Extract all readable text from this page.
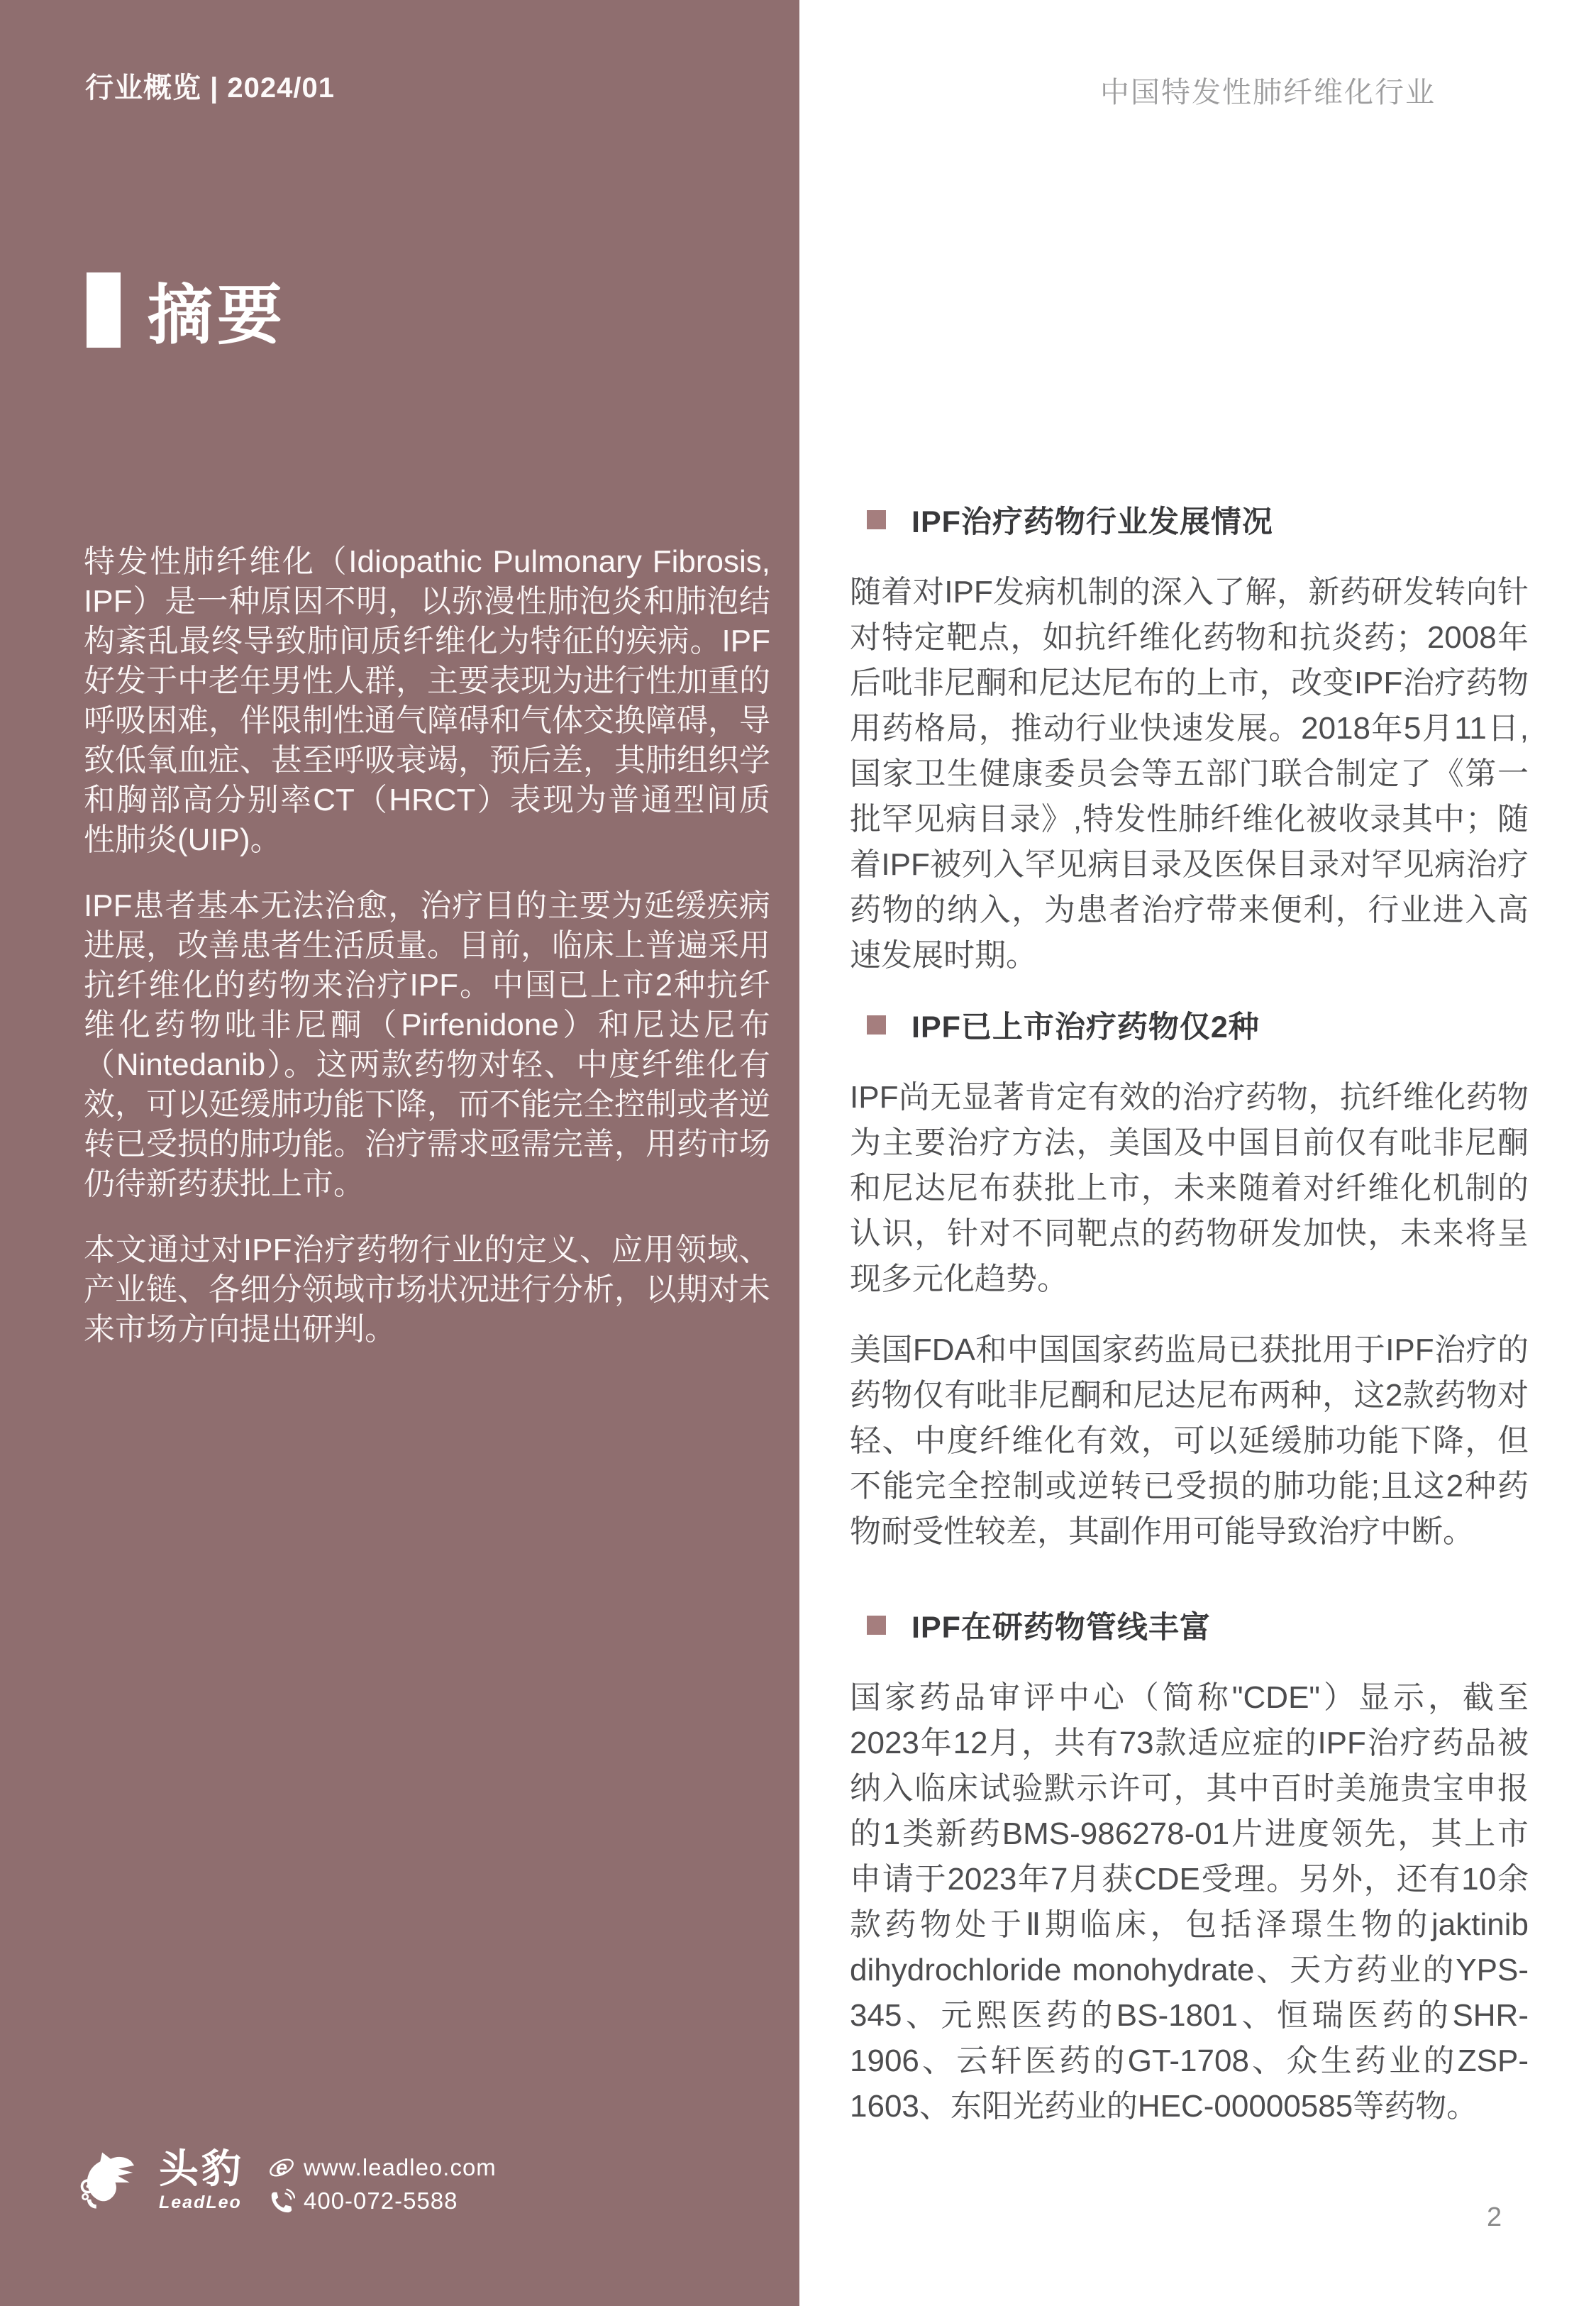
行业概览 | 2024/01
摘要

特发性肺纤维化（Idiopathic Pulmonary Fibrosis, IPF）是一种原因不明，以弥漫性肺泡炎和肺泡结构紊乱最终导致肺间质纤维化为特征的疾病。IPF好发于中老年男性人群，主要表现为进行性加重的呼吸困难，伴限制性通气障碍和气体交换障碍，导致低氧血症、甚至呼吸衰竭，预后差，其肺组织学和胸部高分别率CT（HRCT）表现为普通型间质性肺炎(UIP)。

IPF患者基本无法治愈，治疗目的主要为延缓疾病进展，改善患者生活质量。目前，临床上普遍采用抗纤维化的药物来治疗IPF。中国已上市2种抗纤维化药物吡非尼酮（Pirfenidone）和尼达尼布（Nintedanib）。这两款药物对轻、中度纤维化有效，可以延缓肺功能下降，而不能完全控制或者逆转已受损的肺功能。治疗需求亟需完善，用药市场仍待新药获批上市。

本文通过对IPF治疗药物行业的定义、应用领域、产业链、各细分领域市场状况进行分析，以期对未来市场方向提出研判。

头豹
LeadLeo
e www.leadleo.com
400-072-5588
中国特发性肺纤维化行业
IPF治疗药物行业发展情况

随着对IPF发病机制的深入了解，新药研发转向针对特定靶点，如抗纤维化药物和抗炎药；2008年后吡非尼酮和尼达尼布的上市，改变IPF治疗药物用药格局，推动行业快速发展。2018年5月11日,国家卫生健康委员会等五部门联合制定了《第一批罕见病目录》,特发性肺纤维化被收录其中；随着IPF被列入罕见病目录及医保目录对罕见病治疗药物的纳入，为患者治疗带来便利，行业进入高速发展时期。

IPF已上市治疗药物仅2种

IPF尚无显著肯定有效的治疗药物，抗纤维化药物为主要治疗方法，美国及中国目前仅有吡非尼酮和尼达尼布获批上市，未来随着对纤维化机制的认识，针对不同靶点的药物研发加快，未来将呈现多元化趋势。

美国FDA和中国国家药监局已获批用于IPF治疗的药物仅有吡非尼酮和尼达尼布两种，这2款药物对轻、中度纤维化有效，可以延缓肺功能下降，但不能完全控制或逆转已受损的肺功能;且这2种药物耐受性较差，其副作用可能导致治疗中断。

IPF在研药物管线丰富

国家药品审评中心（简称"CDE"）显示，截至2023年12月，共有73款适应症的IPF治疗药品被纳入临床试验默示许可，其中百时美施贵宝申报的1类新药BMS-986278-01片进度领先，其上市申请于2023年7月获CDE受理。另外，还有10余款药物处于Ⅱ期临床，包括泽璟生物的jaktinib dihydrochloride monohydrate、天方药业的YPS-345、元熙医药的BS-1801、恒瑞医药的SHR-1906、云轩医药的GT-1708、众生药业的ZSP-1603、东阳光药业的HEC-00000585等药物。

2
